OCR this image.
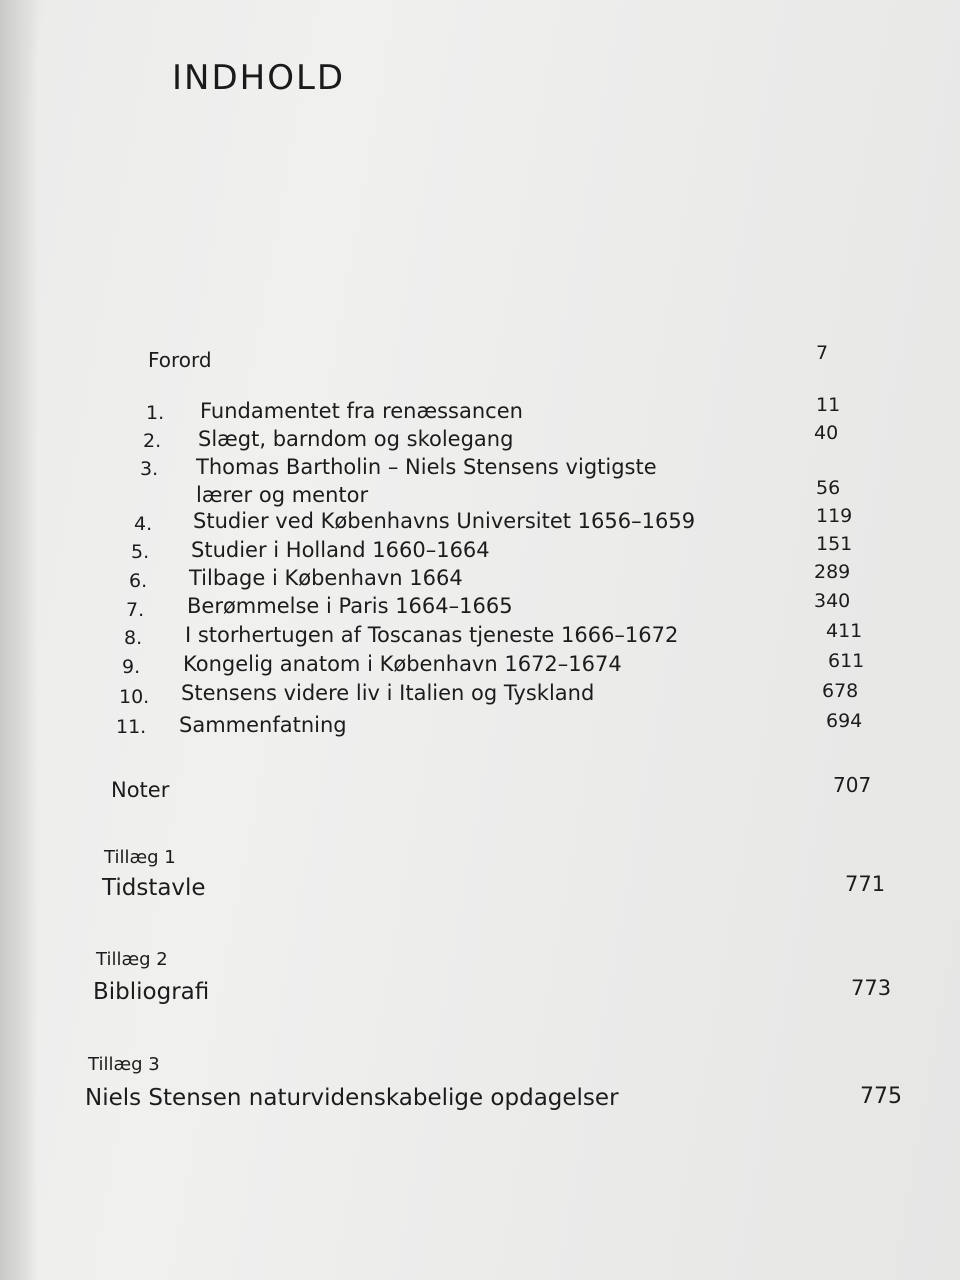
INDHOLD
Forord	7
1. Fundamentet fra renæssancen	11
2. Slægt, barndom og skolegang	40
3. Thomas Bartholin – Niels Stensens vigtigste
lærer og mentor	56
4. Studier ved Københavns Universitet 1656–1659	119
5. Studier i Holland 1660–1664	151
6. Tilbage i København 1664	289
7. Berømmelse i Paris 1664–1665	340
8. I storhertugen af Toscanas tjeneste 1666–1672	411
9. Kongelig anatom i København 1672–1674	611
10. Stensens videre liv i Italien og Tyskland	678
11. Sammenfatning	694
Noter	707
Tillæg 1
Tidstavle	771
Tillæg 2
Bibliografi	773
Tillæg 3
Niels Stensen naturvidenskabelige opdagelser	775
